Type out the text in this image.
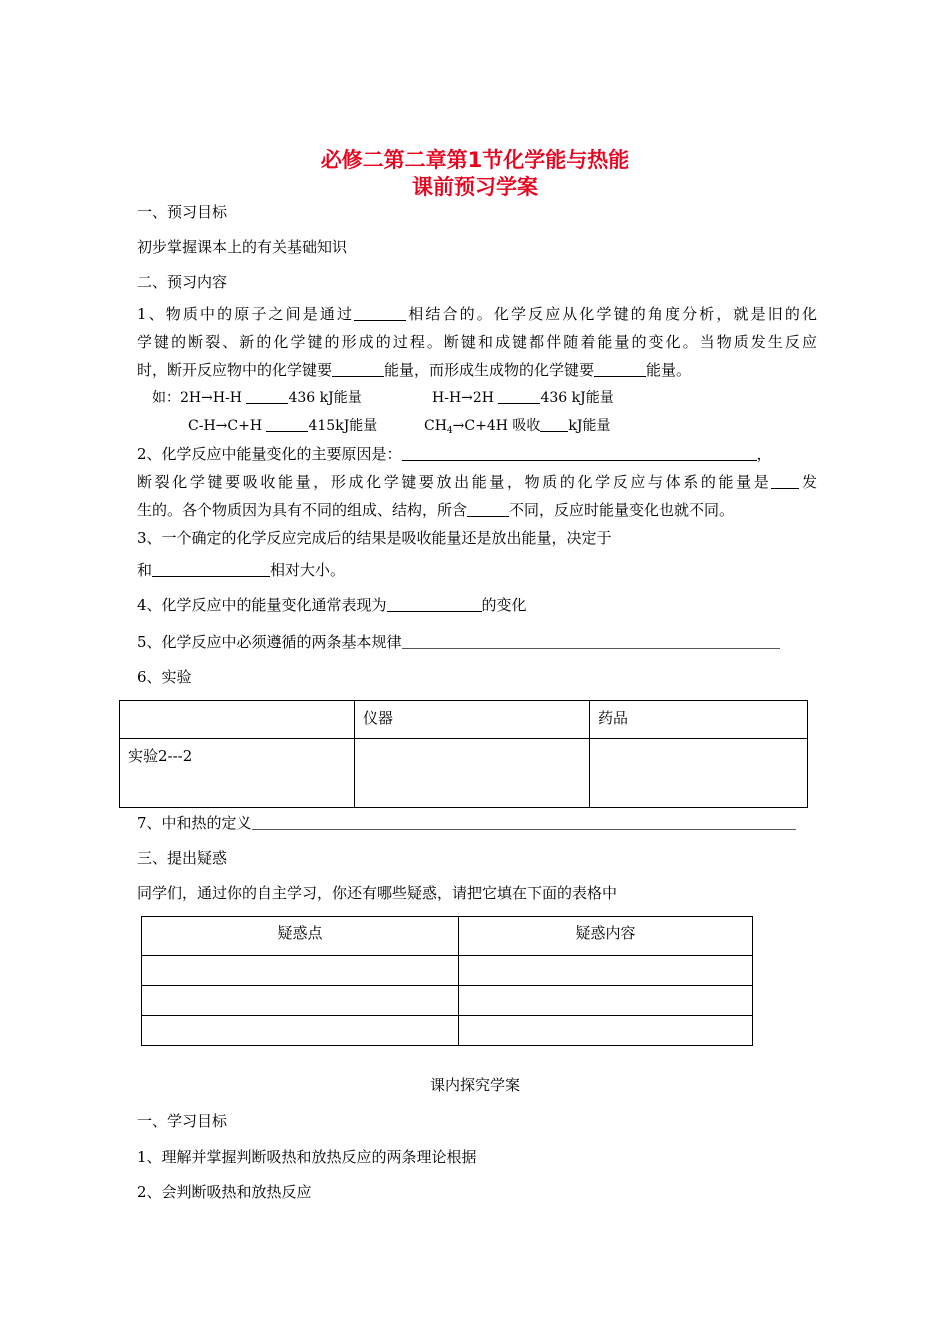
必修二第二章第1节化学能与热能
课前预习学案
一、预习目标
初步掌握课本上的有关基础知识
二、预习内容
1、物质中的原子之间是通过	相结合的。化学反应从化学键的角度分析，就是旧的化
学键的断裂、新的化学键的形成的过程。断键和成键都伴随着能量的变化。当物质发生反应
时，断开反应物中的化学键要	能量，而形成生成物的化学键要	能量。
如：2H→H-H	436 kJ能量	H-H→2H	436 kJ能量
C-H→C+H	415kJ能量	$CH_4\to C+4H$ 吸收 kJ能量
2、化学反应中能量变化的主要原因是：	，
断裂化学键要吸收能量，形成化学键要放出能量，物质的化学反应与体系的能量是 发
生的。各个物质因为具有不同的组成、结构，所含	不同，反应时能量变化也就不同。
3、一个确定的化学反应完成后的结果是吸收能量还是放出能量，决定于
和	相对大小。
4、化学反应中的能量变化通常表现为	的变化
5、化学反应中必须遵循的两条基本规律
6、实验
	仪器	药品
实验2---2		
7、中和热的定义
三、提出疑惑
同学们，通过你的自主学习，你还有哪些疑惑，请把它填在下面的表格中
疑惑点	疑惑内容

课内探究学案
一、学习目标
1、理解并掌握判断吸热和放热反应的两条理论根据
2、会判断吸热和放热反应
